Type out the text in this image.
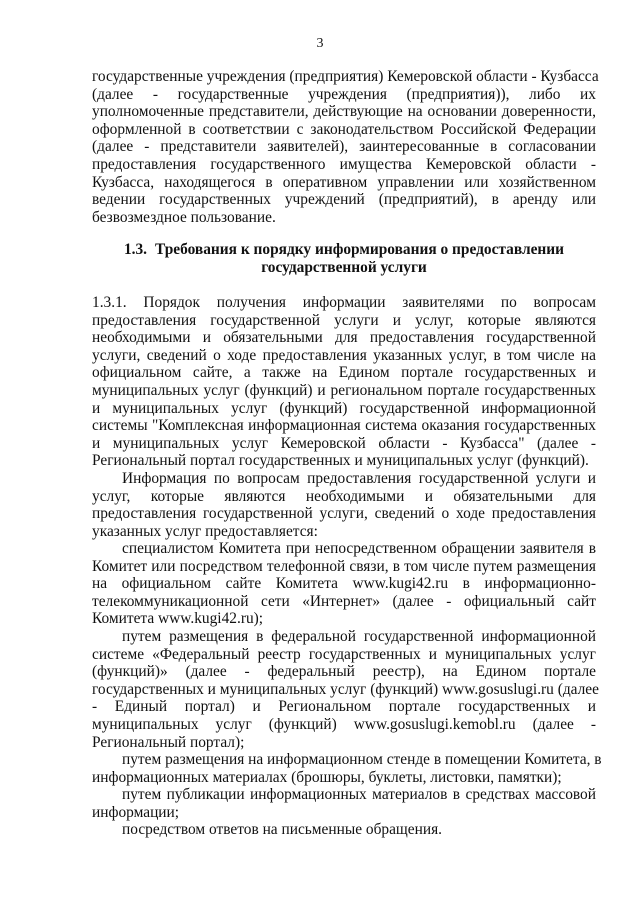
3
государственные учреждения (предприятия) Кемеровской области - Кузбасса
(далее - государственные учреждения (предприятия)), либо их
уполномоченные представители, действующие на основании доверенности,
оформленной в соответствии с законодательством Российской Федерации
(далее - представители заявителей), заинтересованные в согласовании
предоставления государственного имущества Кемеровской области -
Кузбасса, находящегося в оперативном управлении или хозяйственном
ведении государственных учреждений (предприятий), в аренду или
безвозмездное пользование.
1.3. Требования к порядку информирования о предоставлении
государственной услуги
1.3.1. Порядок получения информации заявителями по вопросам
предоставления государственной услуги и услуг, которые являются
необходимыми и обязательными для предоставления государственной
услуги, сведений о ходе предоставления указанных услуг, в том числе на
официальном сайте, а также на Едином портале государственных и
муниципальных услуг (функций) и региональном портале государственных
и муниципальных услуг (функций) государственной информационной
системы "Комплексная информационная система оказания государственных
и муниципальных услуг Кемеровской области - Кузбасса" (далее -
Региональный портал государственных и муниципальных услуг (функций).
Информация по вопросам предоставления государственной услуги и
услуг, которые являются необходимыми и обязательными для
предоставления государственной услуги, сведений о ходе предоставления
указанных услуг предоставляется:
специалистом Комитета при непосредственном обращении заявителя в
Комитет или посредством телефонной связи, в том числе путем размещения
на официальном сайте Комитета www.kugi42.ru в информационно-
телекоммуникационной сети «Интернет» (далее - официальный сайт
Комитета www.kugi42.ru);
путем размещения в федеральной государственной информационной
системе «Федеральный реестр государственных и муниципальных услуг
(функций)» (далее - федеральный реестр), на Едином портале
государственных и муниципальных услуг (функций) www.gosuslugi.ru (далее
- Единый портал) и Региональном портале государственных и
муниципальных услуг (функций) www.gosuslugi.kemobl.ru (далее -
Региональный портал);
путем размещения на информационном стенде в помещении Комитета, в
информационных материалах (брошюры, буклеты, листовки, памятки);
путем публикации информационных материалов в средствах массовой
информации;
посредством ответов на письменные обращения.
